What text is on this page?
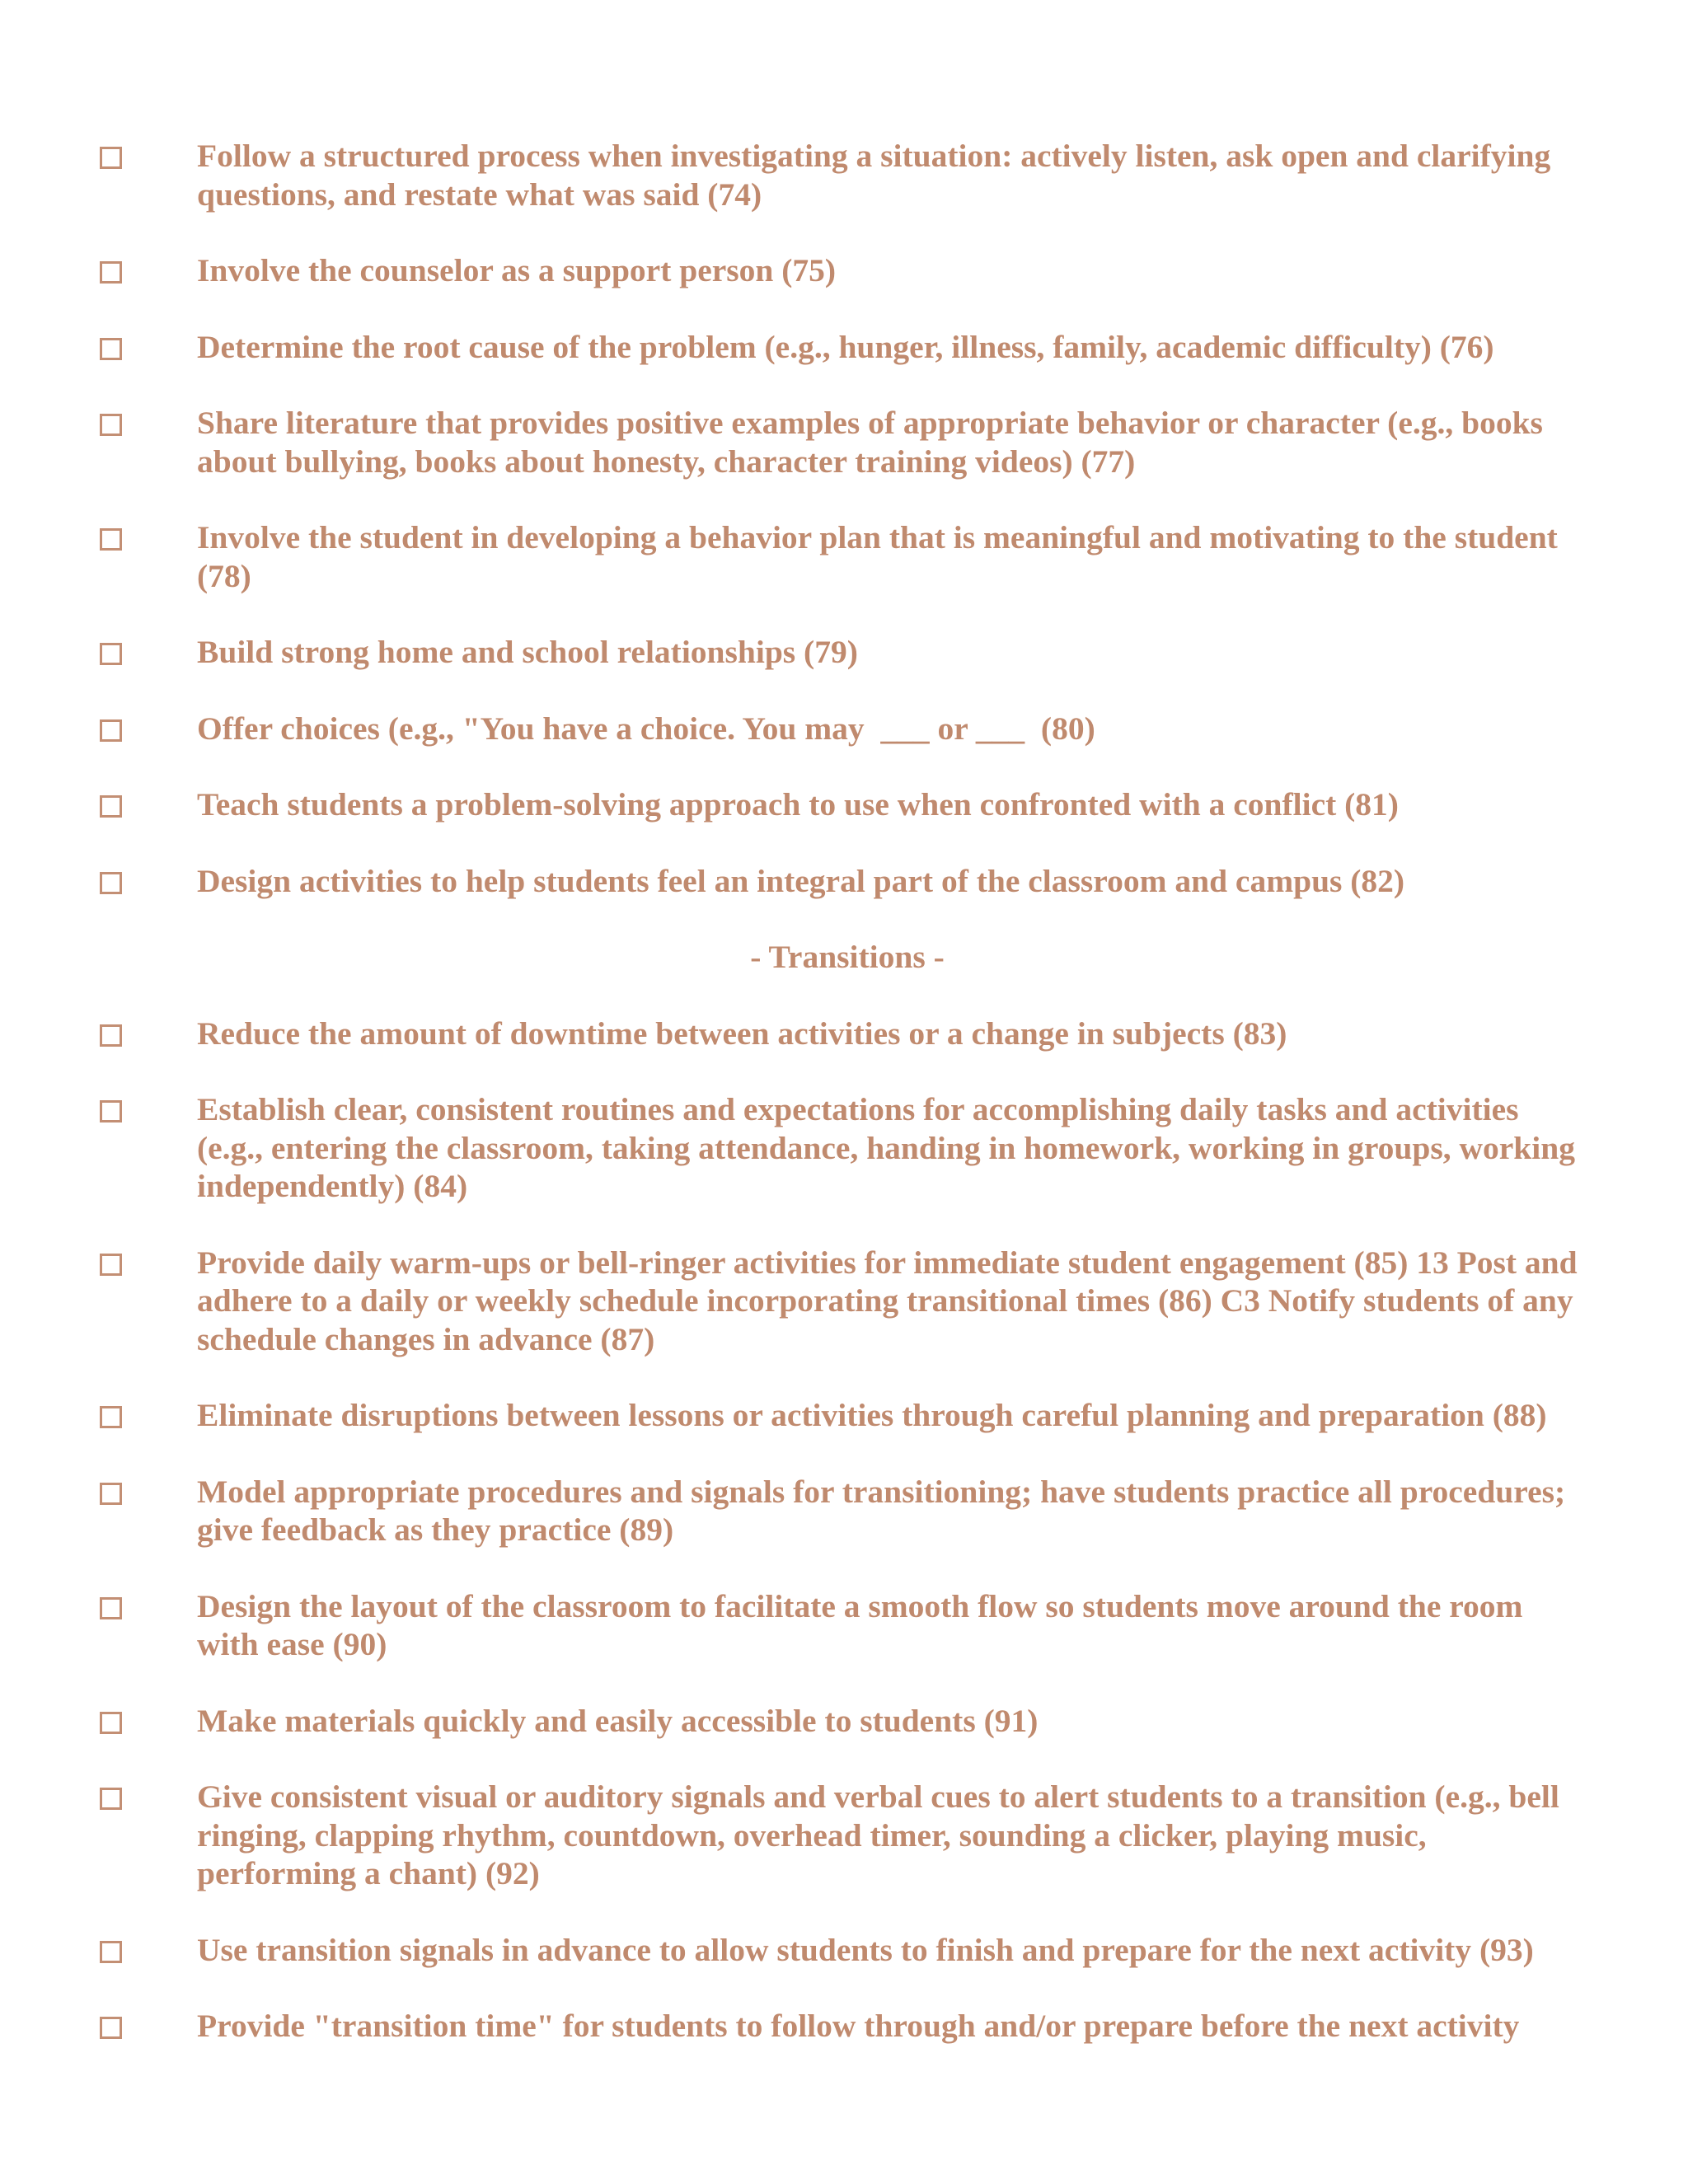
Follow a structured process when investigating a situation: actively listen, ask open and clarifying questions, and restate what was said (74)
Involve the counselor as a support person (75)
Determine the root cause of the problem (e.g., hunger, illness, family, academic difficulty) (76)
Share literature that provides positive examples of appropriate behavior or character (e.g., books about bullying, books about honesty, character training videos) (77)
Involve the student in developing a behavior plan that is meaningful and motivating to the student (78)
Build strong home and school relationships (79)
Offer choices (e.g., "You have a choice. You may  ___ or ___  (80)
Teach students a problem-solving approach to use when confronted with a conflict (81)
Design activities to help students feel an integral part of the classroom and campus (82)
- Transitions -
Reduce the amount of downtime between activities or a change in subjects (83)
Establish clear, consistent routines and expectations for accomplishing daily tasks and activities (e.g., entering the classroom, taking attendance, handing in homework, working in groups, working independently) (84)
Provide daily warm-ups or bell-ringer activities for immediate student engagement (85) 13 Post and adhere to a daily or weekly schedule incorporating transitional times (86) C3 Notify students of any schedule changes in advance (87)
Eliminate disruptions between lessons or activities through careful planning and preparation (88)
Model appropriate procedures and signals for transitioning; have students practice all procedures; give feedback as they practice (89)
Design the layout of the classroom to facilitate a smooth flow so students move around the room with ease (90)
Make materials quickly and easily accessible to students (91)
Give consistent visual or auditory signals and verbal cues to alert students to a transition (e.g., bell ringing, clapping rhythm, countdown, overhead timer, sounding a clicker, playing music, performing a chant) (92)
Use transition signals in advance to allow students to finish and prepare for the next activity (93)
Provide "transition time" for students to follow through and/or prepare before the next activity
